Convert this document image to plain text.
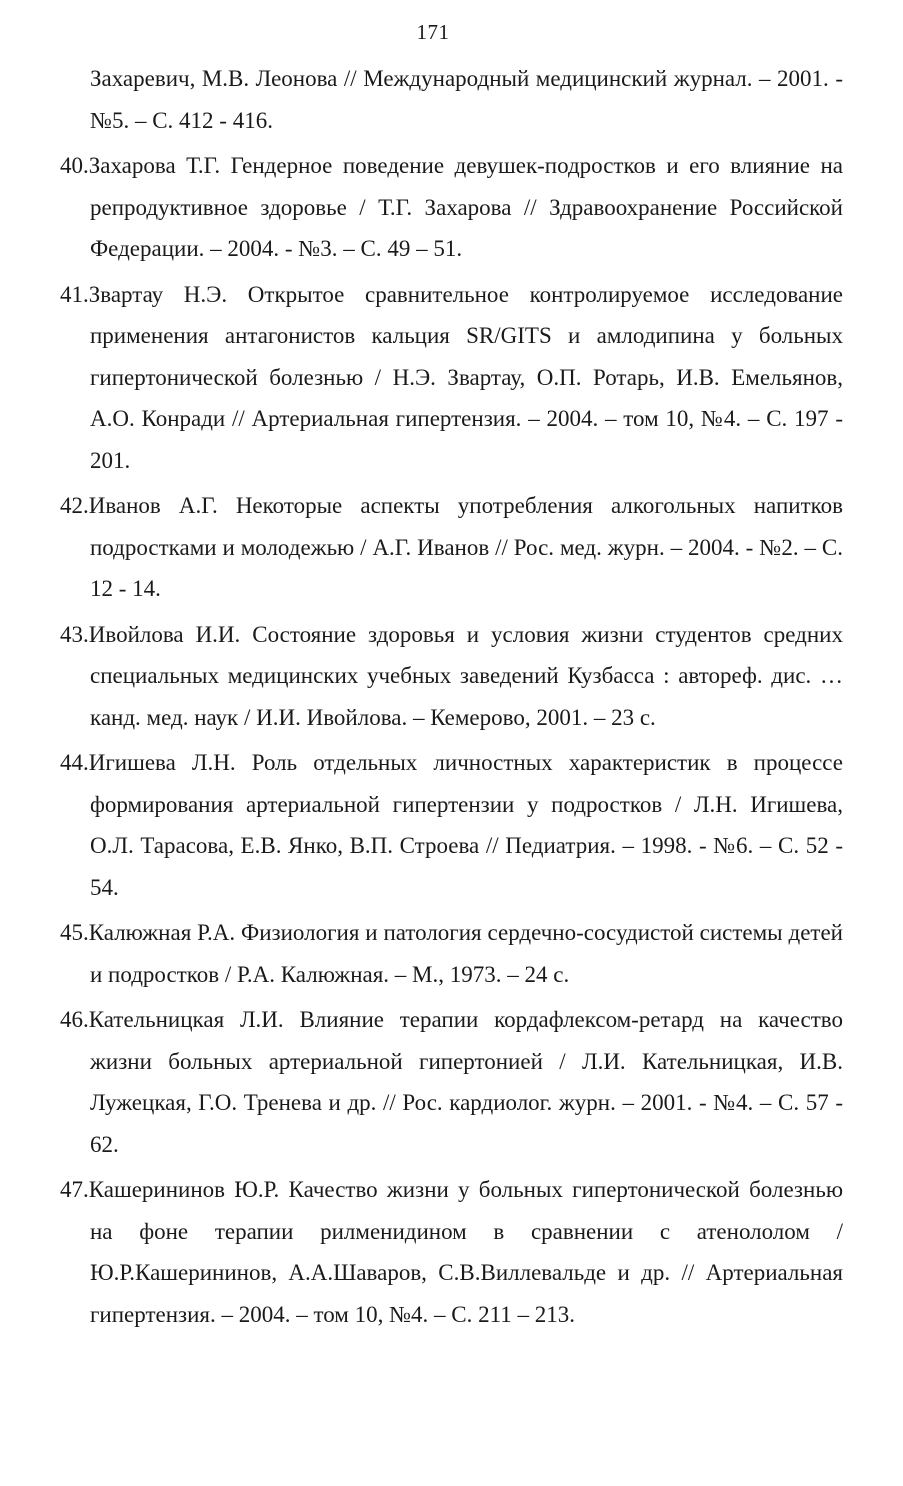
171
Захаревич, М.В. Леонова // Международный медицинский журнал. – 2001. - №5. – С. 412 - 416.
40.Захарова Т.Г. Гендерное поведение девушек-подростков и его влияние на репродуктивное здоровье / Т.Г. Захарова // Здравоохранение Российской Федерации. – 2004. - №3. – С. 49 – 51.
41.Звартау Н.Э. Открытое сравнительное контролируемое исследование применения антагонистов кальция SR/GITS и амлодипина у больных гипертонической болезнью / Н.Э. Звартау, О.П. Ротарь, И.В. Емельянов, А.О. Конради // Артериальная гипертензия. – 2004. – том 10, №4. – С. 197 - 201.
42.Иванов А.Г. Некоторые аспекты употребления алкогольных напитков подростками и молодежью / А.Г. Иванов // Рос. мед. журн. – 2004. - №2. – С. 12 - 14.
43.Ивойлова И.И. Состояние здоровья и условия жизни студентов средних специальных медицинских учебных заведений Кузбасса : автореф. дис. … канд. мед. наук / И.И. Ивойлова. – Кемерово, 2001. – 23 с.
44.Игишева Л.Н. Роль отдельных личностных характеристик в процессе формирования артериальной гипертензии у подростков / Л.Н. Игишева, О.Л. Тарасова, Е.В. Янко, В.П. Строева // Педиатрия. – 1998. - №6. – С. 52 - 54.
45.Калюжная Р.А. Физиология и патология сердечно-сосудистой системы детей и подростков / Р.А. Калюжная. – М., 1973. – 24 с.
46.Кательницкая Л.И. Влияние терапии кордафлексом-ретард на качество жизни больных артериальной гипертонией / Л.И. Кательницкая, И.В. Лужецкая, Г.О. Тренева и др. // Рос. кардиолог. журн. – 2001. - №4. – С. 57 - 62.
47.Кашерининов Ю.Р. Качество жизни у больных гипертонической болезнью на фоне терапии рилменидином в сравнении с атенололом / Ю.Р.Кашерининов, А.А.Шаваров, С.В.Виллевальде и др. // Артериальная гипертензия. – 2004. – том 10, №4. – С. 211 – 213.
